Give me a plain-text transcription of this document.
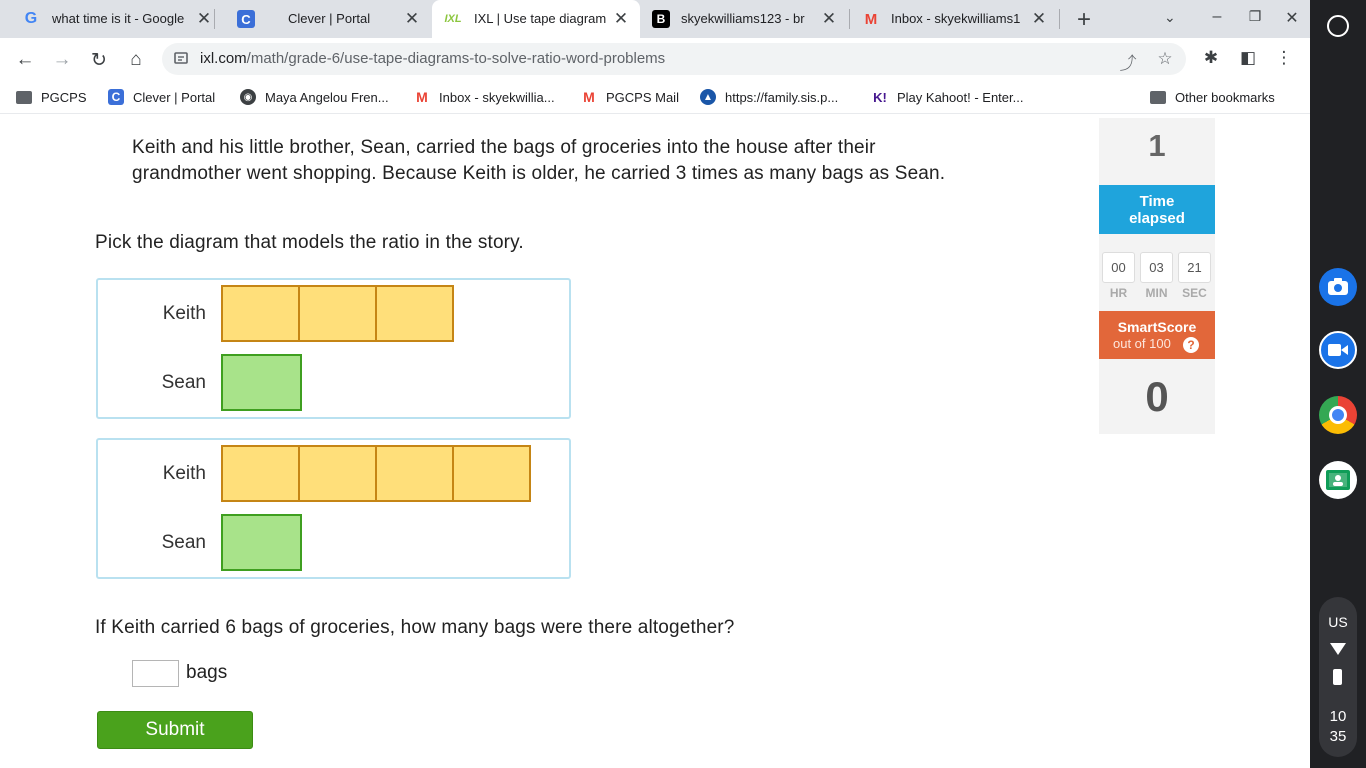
G what time is it - Google ✕	C	Clever | Portal	✕ IXL IXL | Use tape diagram ✕	B	skyekwilliams123 - br	✕ M Inbox - skyekwilliams1 ✕ +	⌄	–	❐ ✕
← → ↻	⌂	ixl.com/math/grade-6/use-tape-diagrams-to-solve-ratio-word-problems	⤴ ☆ ✱ ◧ ⋮
PGCPS	C Clever | Portal	◉ Maya Angelou Fren... M Inbox - skyekwillia... M PGCPS Mail	▲ https://family.sis.p...	K! Play Kahoot! - Enter...	Other bookmarks

Keith and his little brother, Sean, carried the bags of groceries into the house after their grandmother went shopping. Because Keith is older, he carried 3 times as many bags as Sean.

Pick the diagram that models the ratio in the story.

Keith
Sean
Keith
Sean

If Keith carried 6 bags of groceries, how many bags were there altogether?

bags
Submit
1
Time elapsed
00	03	21
HR	MIN	SEC
SmartScore
out of 100	?
0
US
10
35
